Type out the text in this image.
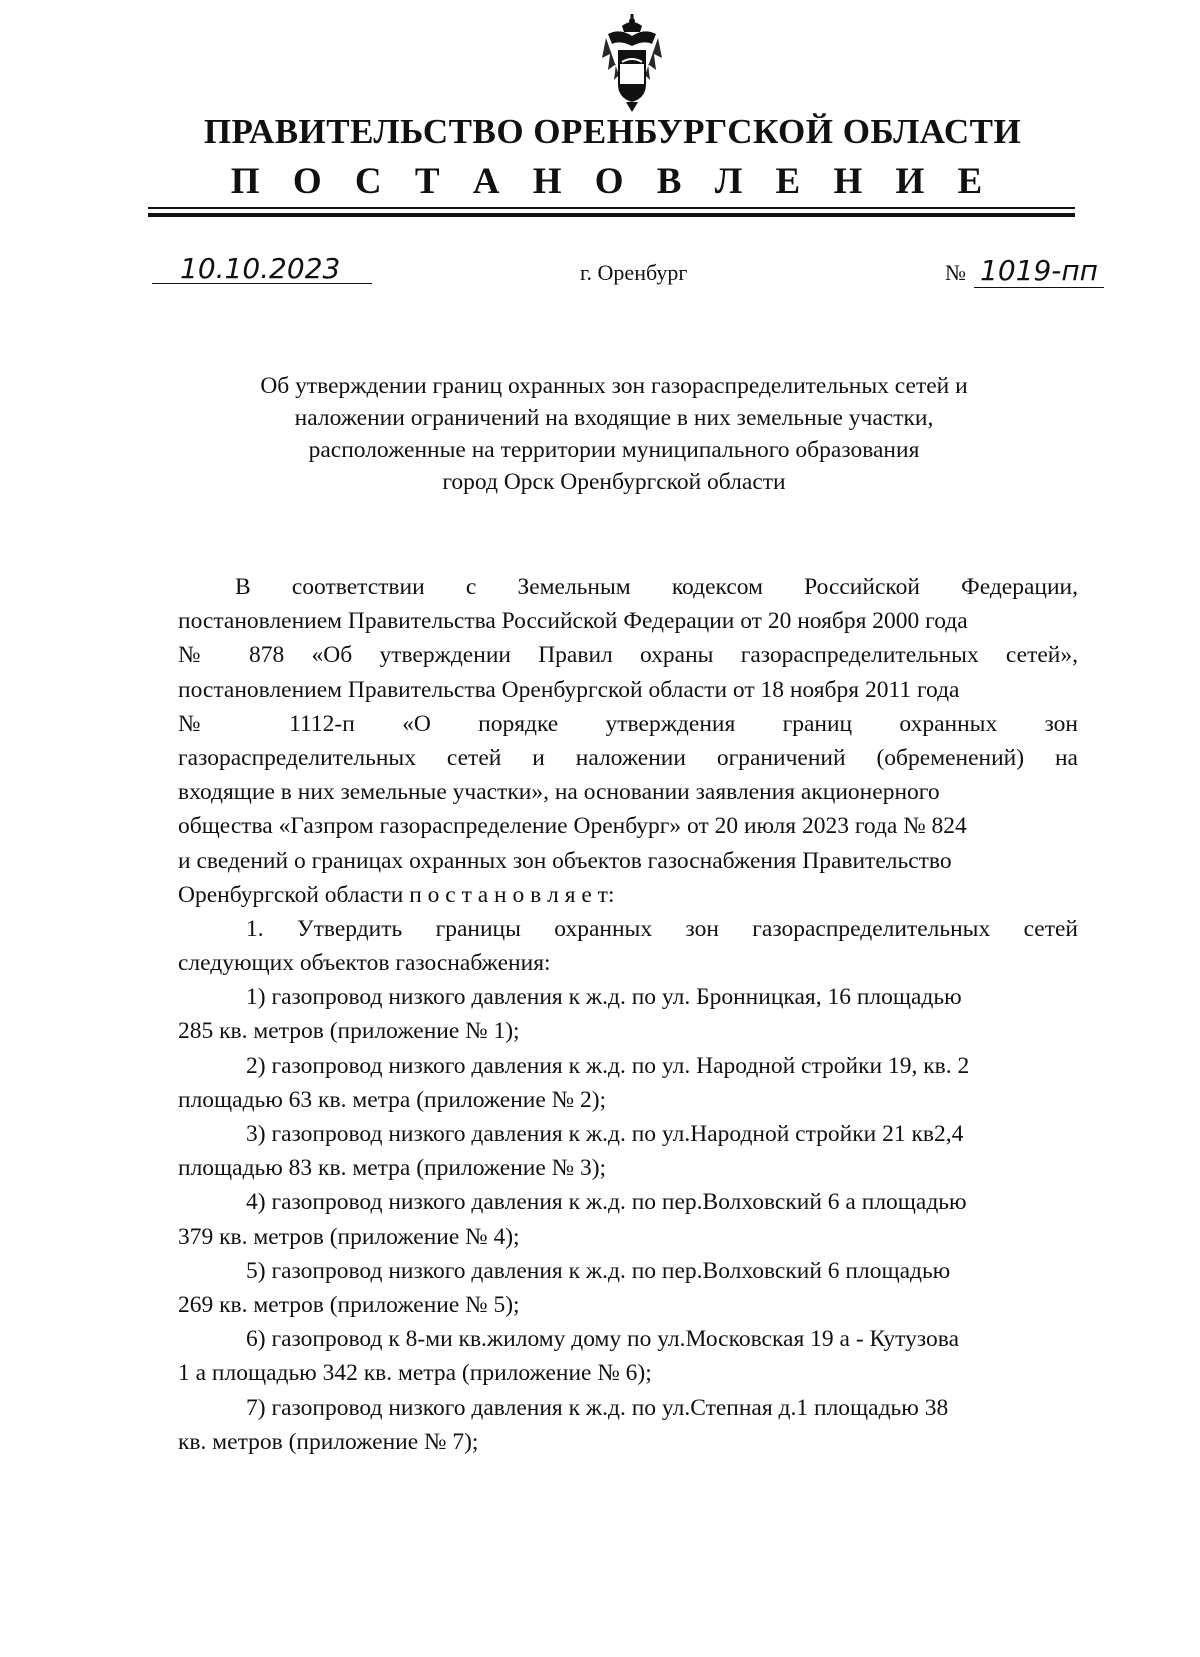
ПРАВИТЕЛЬСТВО ОРЕНБУРГСКОЙ ОБЛАСТИ
П О С Т А Н О В Л Е Н И Е
10.10.2023	г. Оренбург	№ 1019-пп
Об утверждении границ охранных зон газораспределительных сетей и
наложении ограничений на входящие в них земельные участки,
расположенные на территории муниципального образования
город Орск Оренбургской области
В соответствии с Земельным кодексом Российской Федерации,
постановлением Правительства Российской Федерации от 20 ноября 2000 года
№ 878 «Об утверждении Правил охраны газораспределительных сетей»,
постановлением Правительства Оренбургской области от 18 ноября 2011 года
№ 1112-п «О порядке утверждения границ охранных зон
газораспределительных сетей и наложении ограничений (обременений) на
входящие в них земельные участки», на основании заявления акционерного
общества «Газпром газораспределение Оренбург» от 20 июля 2023 года № 824
и сведений о границах охранных зон объектов газоснабжения Правительство
Оренбургской области п о с т а н о в л я е т:
1. Утвердить границы охранных зон газораспределительных сетей
следующих объектов газоснабжения:
1) газопровод низкого давления к ж.д. по ул. Бронницкая, 16 площадью
285 кв. метров (приложение № 1);
2) газопровод низкого давления к ж.д. по ул. Народной стройки 19, кв. 2
площадью 63 кв. метра (приложение № 2);
3) газопровод низкого давления к ж.д. по ул.Народной стройки 21 кв2,4
площадью 83 кв. метра (приложение № 3);
4) газопровод низкого давления к ж.д. по пер.Волховский 6 а площадью
379 кв. метров (приложение № 4);
5) газопровод низкого давления к ж.д. по пер.Волховский 6 площадью
269 кв. метров (приложение № 5);
6) газопровод к 8-ми кв.жилому дому по ул.Московская 19 а - Кутузова
1 а площадью 342 кв. метра (приложение № 6);
7) газопровод низкого давления к ж.д. по ул.Степная д.1 площадью 38
кв. метров (приложение № 7);
